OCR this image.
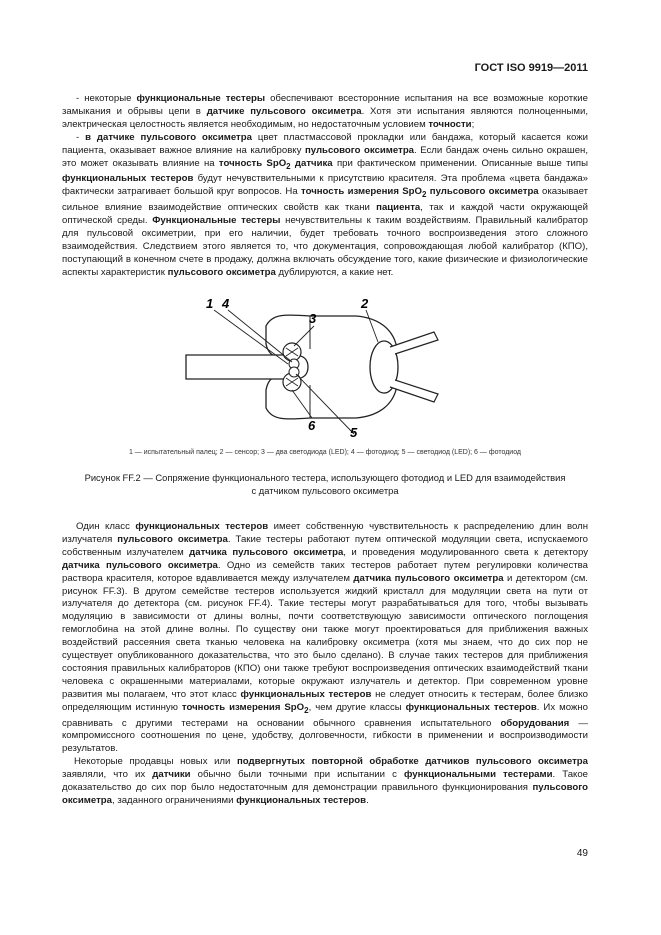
ГОСТ ISO 9919—2011

- некоторые функциональные тестеры обеспечивают всесторонние испытания на все возможные короткие замыкания и обрывы цепи в датчике пульсового оксиметра. Хотя эти испытания являются полноценными, электрическая целостность является необходимым, но недостаточным условием точности;

- в датчике пульсового оксиметра цвет пластмассовой прокладки или бандажа, который касается кожи пациента, оказывает важное влияние на калибровку пульсового оксиметра. Если бандаж очень сильно окрашен, это может оказывать влияние на точность SpO$_2$ датчика при фактическом применении. Описанные выше типы функциональных тестеров будут нечувствительными к присутствию красителя. Эта проблема «цвета бандажа» фактически затрагивает большой круг вопросов. На точность измерения SpO$_2$ пульсового оксиметра оказывает сильное влияние взаимодействие оптических свойств как ткани пациента, так и каждой части окружающей оптической среды. Функциональные тестеры нечувствительны к таким воздействиям. Правильный калибратор для пульсовой оксиметрии, при его наличии, будет требовать точного воспроизведения этого сложного взаимодействия. Следствием этого является то, что документация, сопровождающая любой калибратор (КПО), поступающий в конечном счете в продажу, должна включать обсуждение того, какие физические и физиологические аспекты характеристик пульсового оксиметра дублируются, а какие нет.

1 4
3
2
6	5
1 — испытательный палец; 2 — сенсор; 3 — два светодиода (LED); 4 — фотодиод; 5 — светодиод (LED); 6 — фотодиод
Рисунок FF.2 — Сопряжение функционального тестера, использующего фотодиод и LED для взаимодействия
с датчиком пульсового оксиметра

Один класс функциональных тестеров имеет собственную чувствительность к распределению длин волн излучателя пульсового оксиметра. Такие тестеры работают путем оптической модуляции света, испускаемого собственным излучателем датчика пульсового оксиметра, и проведения модулированного света к детектору датчика пульсового оксиметра. Одно из семейств таких тестеров работает путем регулировки количества раствора красителя, которое вдавливается между излучателем датчика пульсового оксиметра и детектором (см. рисунок FF.3). В другом семействе тестеров используется жидкий кристалл для модуляции света на пути от излучателя до детектора (см. рисунок FF.4). Такие тестеры могут разрабатываться для того, чтобы вызывать модуляцию в зависимости от длины волны, почти соответствующую зависимости оптического поглощения гемоглобина на этой длине волны. По существу они также могут проектироваться для приближения важных воздействий рассеяния света тканью человека на калибровку оксиметра (хотя мы знаем, что до сих пор не существует опубликованного доказательства, что это было сделано). В случае таких тестеров для приближения состояния правильных калибраторов (КПО) они также требуют воспроизведения оптических взаимодействий ткани человека с окрашенными материалами, которые окружают излучатель и детектор. При современном уровне развития мы полагаем, что этот класс функциональных тестеров не следует относить к тестерам, более близко определяющим истинную точность измерения SpO$_2$, чем другие классы функциональных тестеров. Их можно сравнивать с другими тестерами на основании обычного сравнения испытательного оборудования — компромиссного соотношения по цене, удобству, долговечности, гибкости в применении и воспроизводимости результатов.

Некоторые продавцы новых или подвергнутых повторной обработке датчиков пульсового оксиметра заявляли, что их датчики обычно были точными при испытании с функциональными тестерами. Такое доказательство до сих пор было недостаточным для демонстрации правильного функционирования пульсового оксиметра, заданного ограничениями функциональных тестеров.

49
